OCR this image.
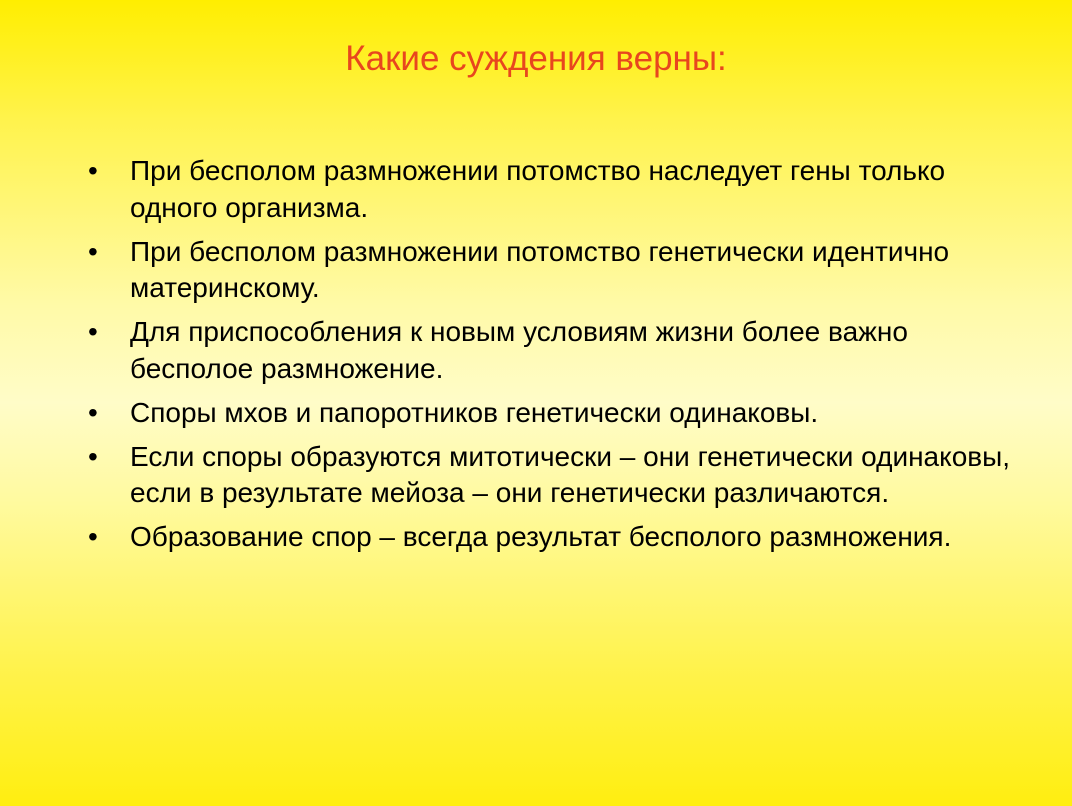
Какие суждения верны:
•	При бесполом размножении потомство наследует гены только одного организма.
•	При бесполом размножении потомство генетически идентично материнскому.
•	Для приспособления к новым условиям жизни более важно бесполое размножение.
•	Споры мхов и папоротников генетически одинаковы.
•	Если споры образуются митотически – они генетически одинаковы, если в результате мейоза – они генетически различаются.
•	Образование спор – всегда результат бесполого размножения.
